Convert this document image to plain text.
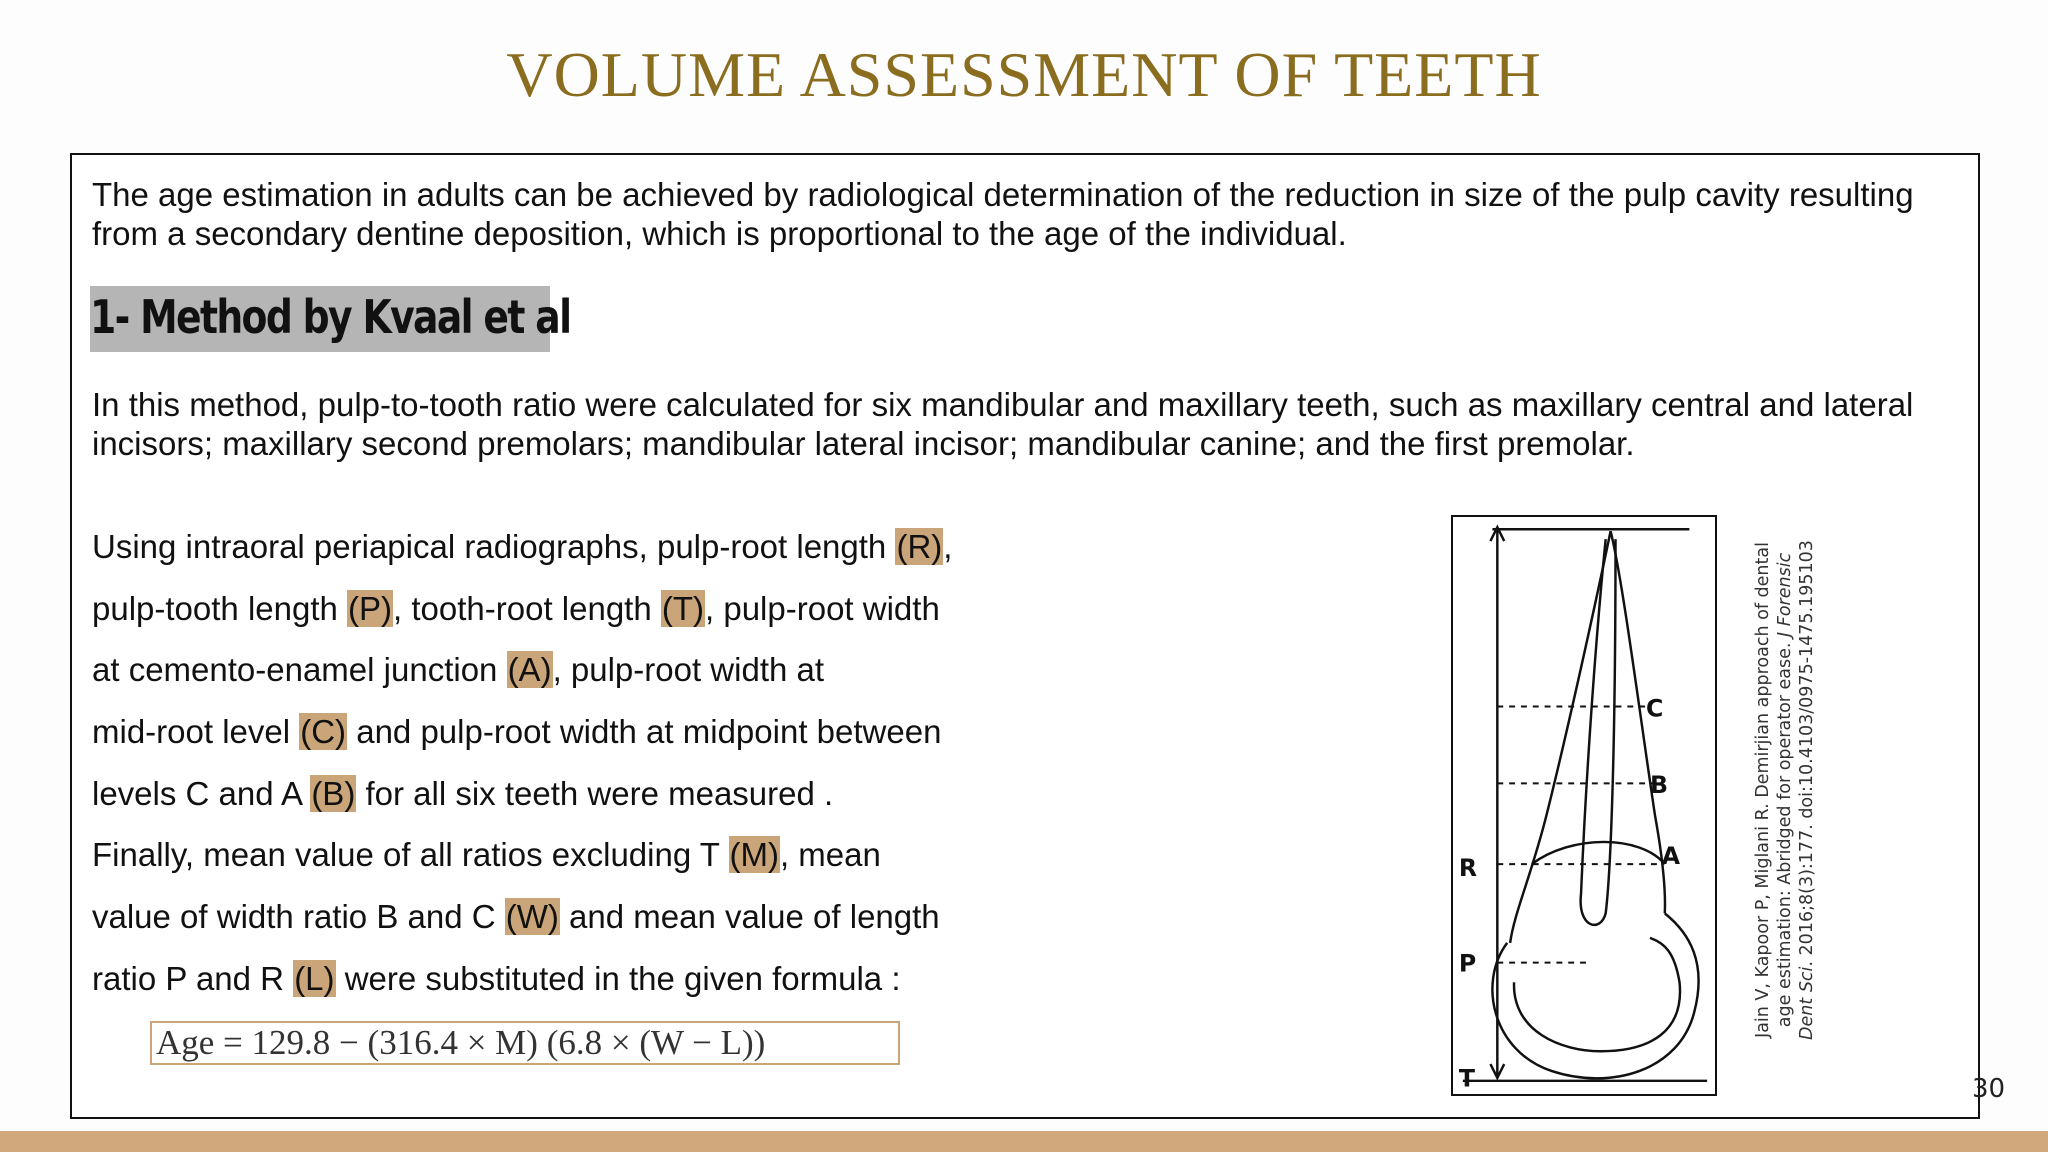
VOLUME ASSESSMENT OF TEETH
The age estimation in adults can be achieved by radiological determination of the reduction in size of the pulp cavity resulting from a secondary dentine deposition, which is proportional to the age of the individual.
1- Method by Kvaal et al
In this method, pulp-to-tooth ratio were calculated for six mandibular and maxillary teeth, such as maxillary central and lateral incisors; maxillary second premolars; mandibular lateral incisor; mandibular canine; and the first premolar.
Using intraoral periapical radiographs, pulp-root length (R),
pulp-tooth length (P), tooth-root length (T), pulp-root width
at cemento-enamel junction (A), pulp-root width at
mid-root level (C) and pulp-root width at midpoint between
levels C and A (B) for all six teeth were measured .
Finally, mean value of all ratios excluding T (M), mean
value of width ratio B and C (W) and mean value of length
ratio P and R (L) were substituted in the given formula :
Age = 129.8 − (316.4 × M) (6.8 × (W − L))
C
B
A
R
P
T
Jain V, Kapoor P, Miglani R. Demirjian approach of dental age estimation: Abridged for operator ease. J Forensic
Dent Sci. 2016;8(3):177. doi:10.4103/0975-1475.195103
30
